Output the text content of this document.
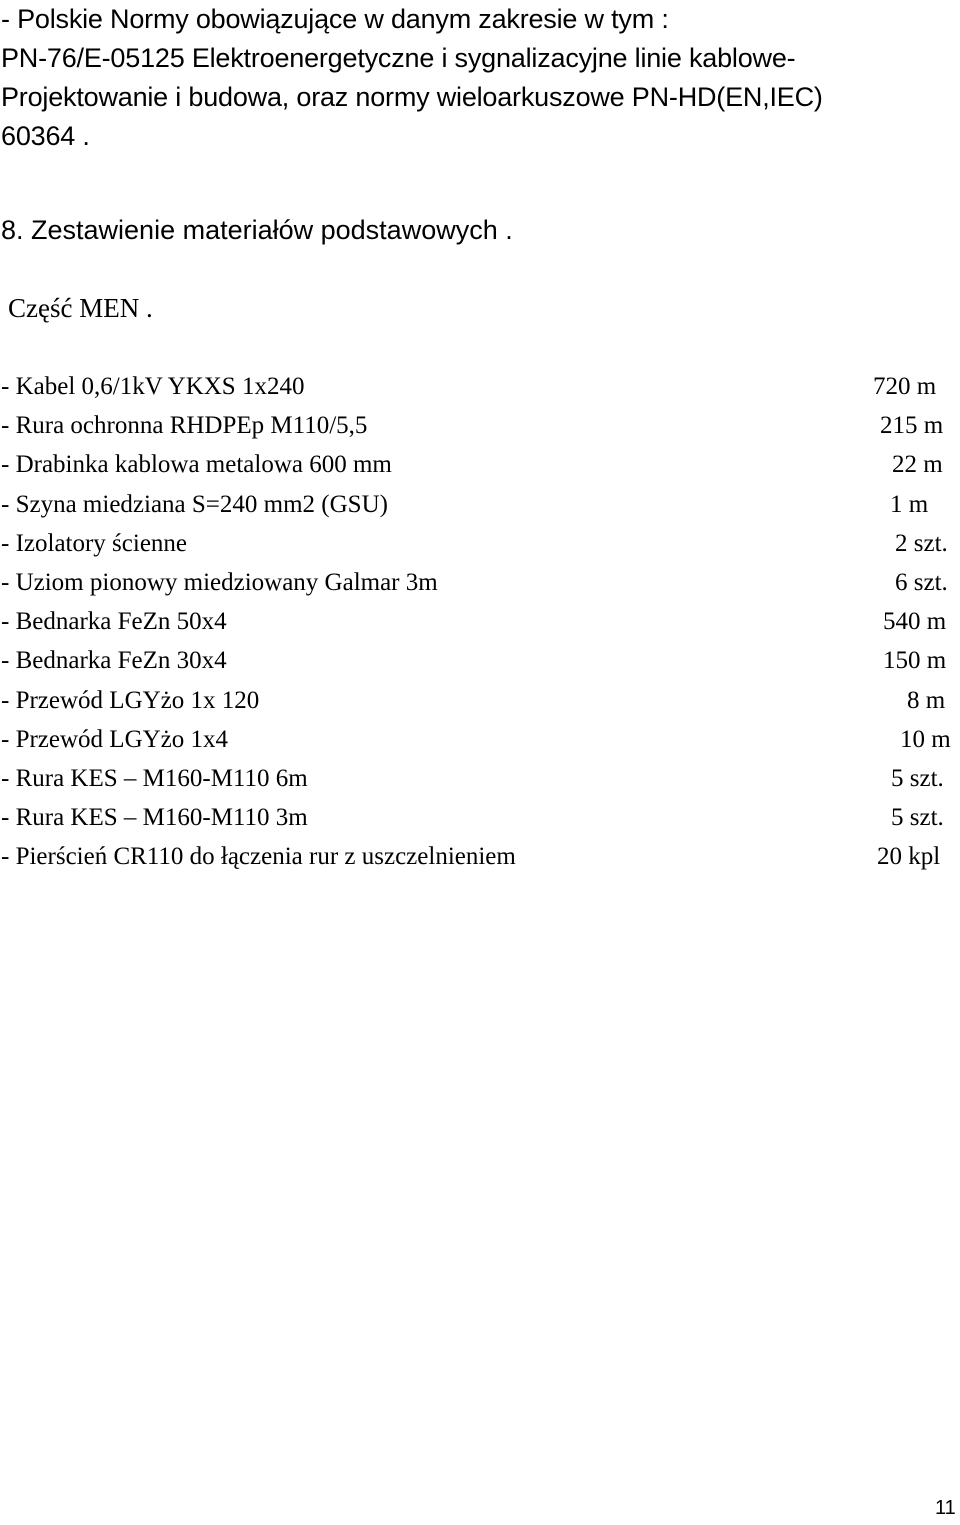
- Polskie Normy obowiązujące w danym zakresie w tym :
PN-76/E-05125 Elektroenergetyczne i sygnalizacyjne linie kablowe-
Projektowanie i budowa, oraz normy wieloarkuszowe PN-HD(EN,IEC)
60364 .
8. Zestawienie materiałów podstawowych .
Część MEN .
- Kabel 0,6/1kV YKXS 1x240	720 m
- Rura ochronna RHDPEp M110/5,5	215 m
- Drabinka kablowa metalowa 600 mm	22 m
- Szyna miedziana S=240 mm2 (GSU)	1 m
- Izolatory ścienne	2 szt.
- Uziom pionowy miedziowany Galmar 3m	6 szt.
- Bednarka FeZn 50x4	540 m
- Bednarka FeZn 30x4	150 m
- Przewód LGYżo 1x 120	8 m
- Przewód LGYżo 1x4	10 m
- Rura KES – M160-M110 6m	5 szt.
- Rura KES – M160-M110 3m	5 szt.
- Pierścień CR110 do łączenia rur z uszczelnieniem	20 kpl
11
